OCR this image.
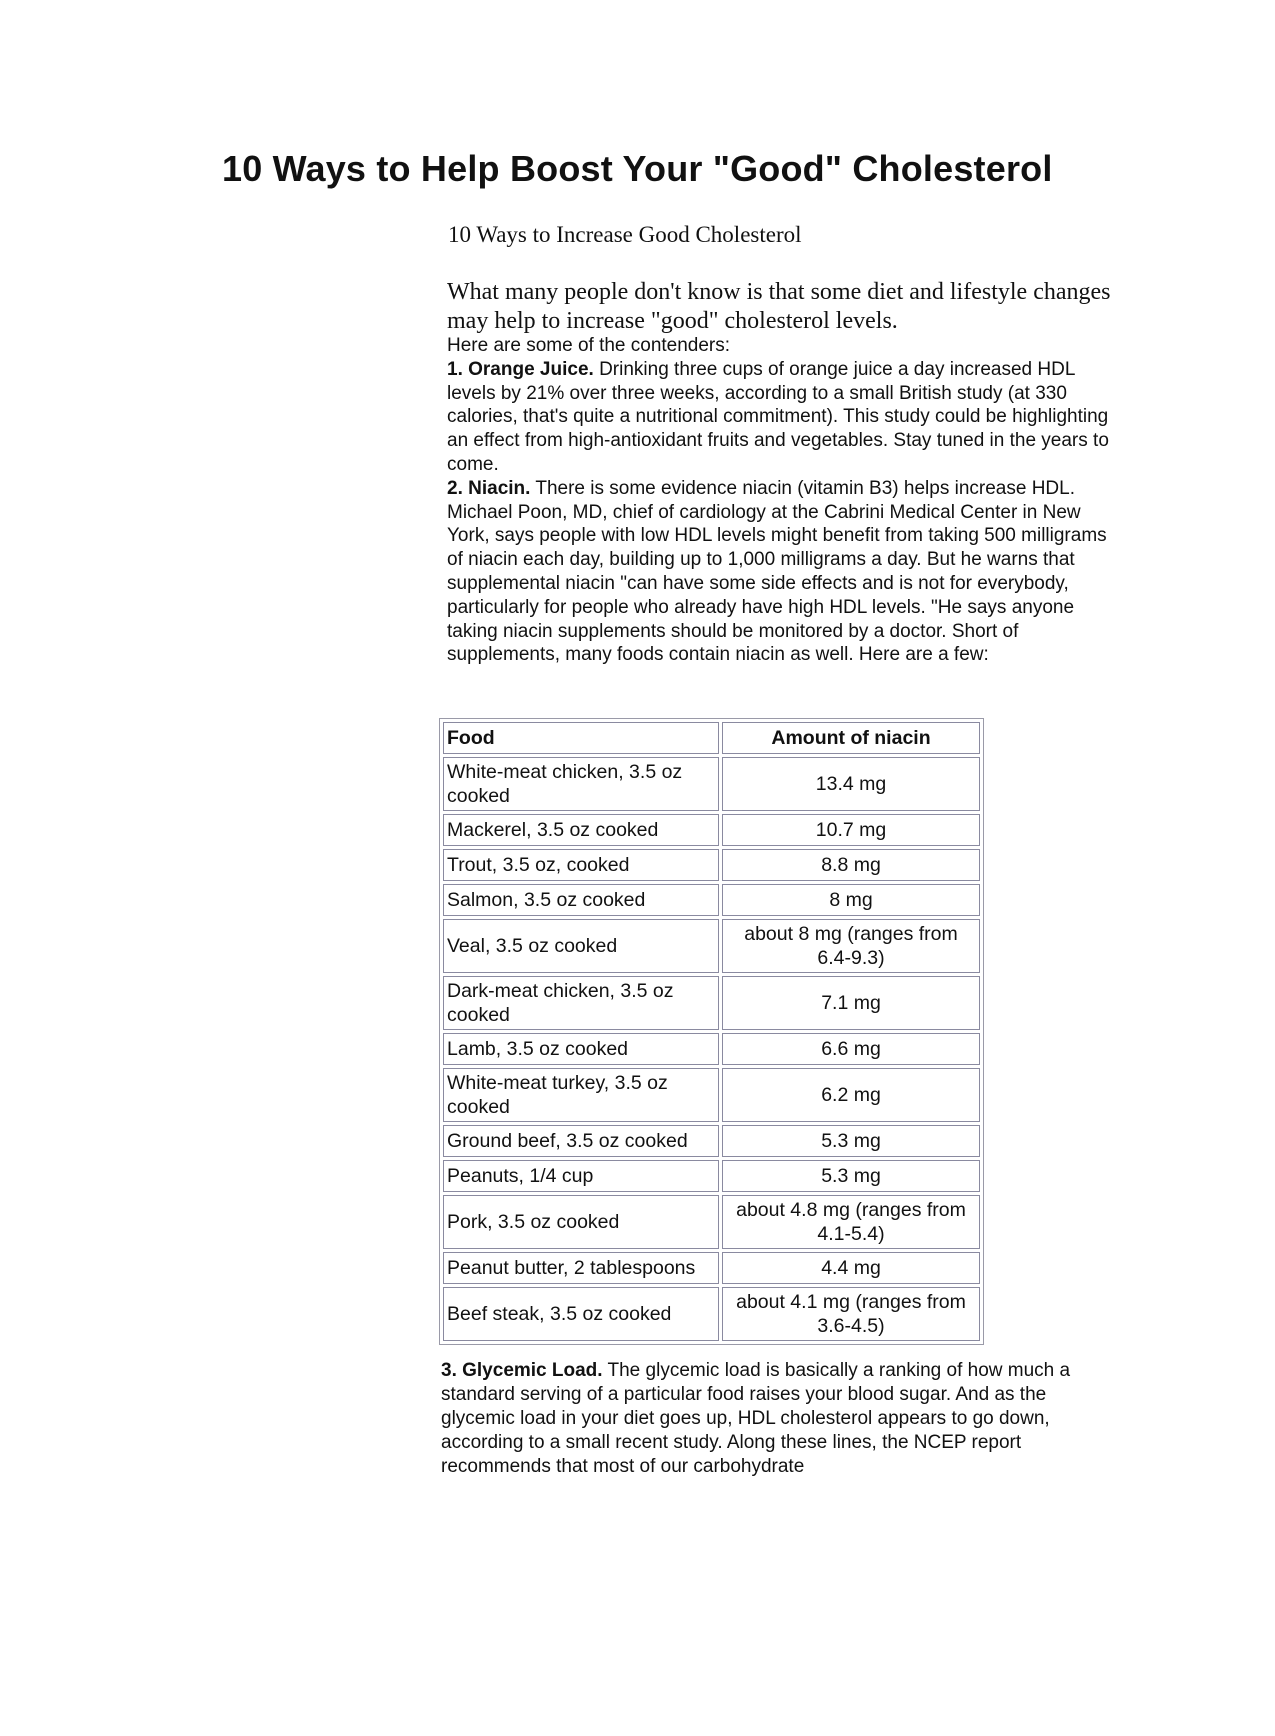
10 Ways to Help Boost Your "Good" Cholesterol
10 Ways to Increase Good Cholesterol
What many people don't know is that some diet and lifestyle changes may help to increase "good" cholesterol levels.

Here are some of the contenders:

1. Orange Juice. Drinking three cups of orange juice a day increased HDL levels by 21% over three weeks, according to a small British study (at 330 calories, that's quite a nutritional commitment). This study could be highlighting an effect from high-antioxidant fruits and vegetables. Stay tuned in the years to come.

2. Niacin. There is some evidence niacin (vitamin B3) helps increase HDL. Michael Poon, MD, chief of cardiology at the Cabrini Medical Center in New York, says people with low HDL levels might benefit from taking 500 milligrams of niacin each day, building up to 1,000 milligrams a day. But he warns that supplemental niacin "can have some side effects and is not for everybody, particularly for people who already have high HDL levels. "He says anyone taking niacin supplements should be monitored by a doctor. Short of supplements, many foods contain niacin as well. Here are a few:

Food	Amount of niacin
White-meat chicken, 3.5 oz cooked	13.4 mg
Mackerel, 3.5 oz cooked	10.7 mg
Trout, 3.5 oz, cooked	8.8 mg
Salmon, 3.5 oz cooked	8 mg
Veal, 3.5 oz cooked	about 8 mg (ranges from 6.4-9.3)
Dark-meat chicken, 3.5 oz cooked	7.1 mg
Lamb, 3.5 oz cooked	6.6 mg
White-meat turkey, 3.5 oz cooked	6.2 mg
Ground beef, 3.5 oz cooked	5.3 mg
Peanuts, 1/4 cup	5.3 mg
Pork, 3.5 oz cooked	about 4.8 mg (ranges from 4.1-5.4)
Peanut butter, 2 tablespoons	4.4 mg
Beef steak, 3.5 oz cooked	about 4.1 mg (ranges from 3.6-4.5)
3. Glycemic Load. The glycemic load is basically a ranking of how much a standard serving of a particular food raises your blood sugar. And as the glycemic load in your diet goes up, HDL cholesterol appears to go down, according to a small recent study. Along these lines, the NCEP report recommends that most of our carbohydrate
